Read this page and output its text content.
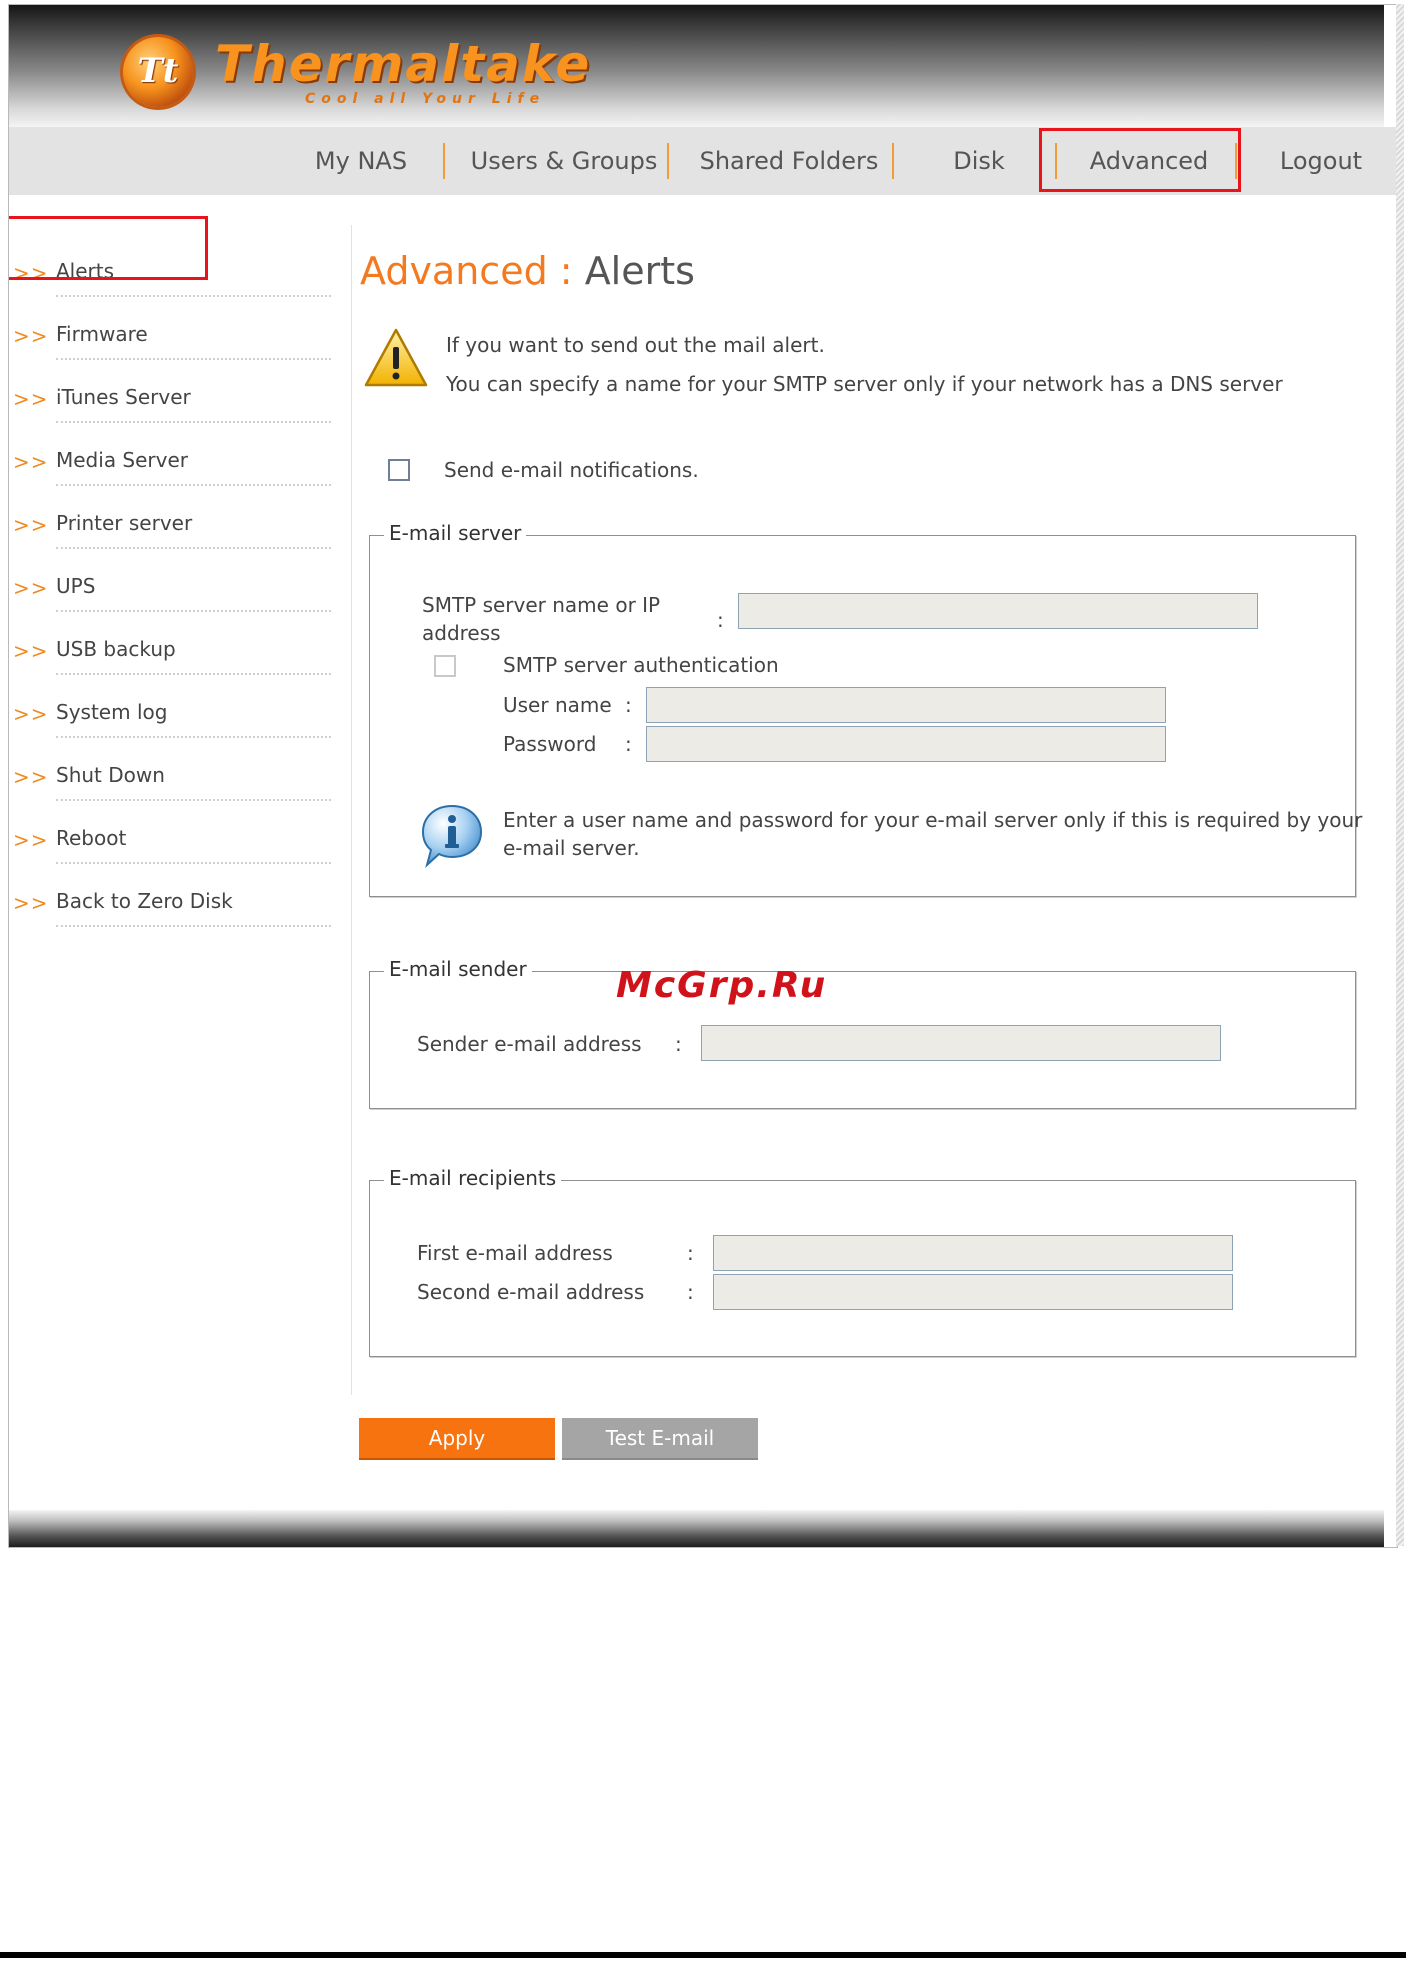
Tt Thermaltake
Cool all Your Life
My NAS	Users & Groups	Shared Folders	Disk	Advanced	Logout
>> Alerts
>> Firmware
>> iTunes Server
>> Media Server
>> Printer server
>> UPS
>> USB backup
>> System log
>> Shut Down
>> Reboot
>> Back to Zero Disk
Advanced : Alerts
If you want to send out the mail alert.
You can specify a name for your SMTP server only if your network has a DNS server
Send e-mail notifications.
E-mail server
SMTP server name or IP
address
:
SMTP server authentication
User name :
Password :
Enter a user name and password for your e-mail server only if this is required by your
e-mail server.
E-mail sender
Sender e-mail address :
E-mail recipients
First e-mail address	:
Second e-mail address :
Apply	Test E-mail
McGrp.Ru
